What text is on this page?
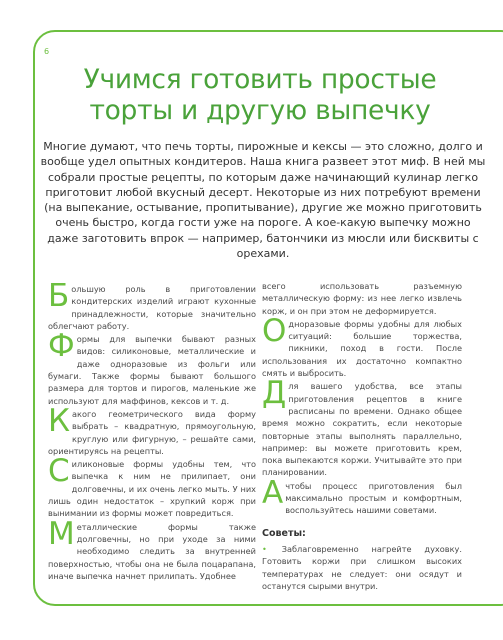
6
Учимся готовить простые торты и другую выпечку

Многие думают, что печь торты, пирожные и кексы — это сложно, долго и вообще удел опытных кондитеров. Наша книга развеет этот миф. В ней мы собрали простые рецепты, по которым даже начинающий кулинар легко приготовит любой вкусный десерт. Некоторые из них потребуют времени (на выпекание, остывание, пропитывание), другие же можно приготовить очень быстро, когда гости уже на пороге. А кое-какую выпечку можно даже заготовить впрок — например, батончики из мюсли или бисквиты с орехами.

Большую роль в приготовлении кондитерских изделий играют кухонные принадлежности, которые значительно облегчают работу.

Формы для выпечки бывают разных видов: силиконовые, металлические и даже одноразовые из фольги или бумаги. Также формы бывают большого размера для тортов и пирогов, маленькие же используют для маффинов, кексов и т. д.

Какого геометрического вида форму выбрать – квадратную, прямоугольную, круглую или фигурную, – решайте сами, ориентируясь на рецепты.

Силиконовые формы удобны тем, что выпечка к ним не прилипает, они долговечны, и их очень легко мыть. У них лишь один недостаток – хрупкий корж при вынимании из формы может повредиться.

Металлические формы также долговечны, но при уходе за ними необходимо следить за внутренней поверхностью, чтобы она не была поцарапана, иначе выпечка начнет прилипать. Удобнее

всего использовать разъемную металлическую форму: из нее легко извлечь корж, и он при этом не деформируется.

Одноразовые формы удобны для любых ситуаций: большие торжества, пикники, поход в гости. После использования их достаточно компактно смять и выбросить.

Для вашего удобства, все этапы приготовления рецептов в книге расписаны по времени. Однако общее время можно сократить, если некоторые повторные этапы выполнять параллельно, например: вы можете приготовить крем, пока выпекаются коржи. Учитывайте это при планировании.

Ачтобы процесс приготовления был максимально простым и комфортным, воспользуйтесь нашими советами.

Советы:

• Заблаговременно нагрейте духовку. Готовить коржи при слишком высоких температурах не следует: они осядут и останутся сырыми внутри.
